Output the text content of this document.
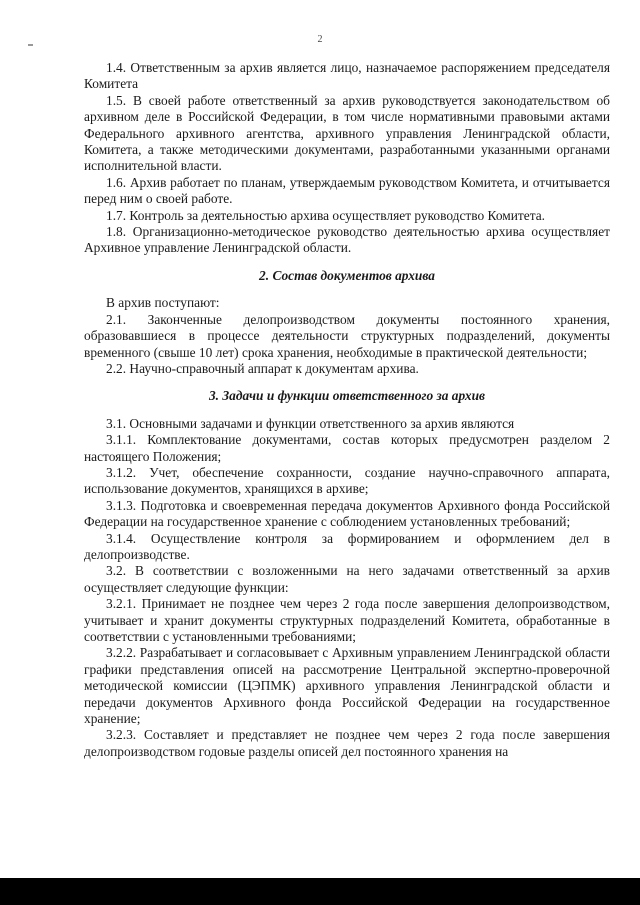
2

1.4. Ответственным за архив является лицо, назначаемое распоряжением председателя Комитета

1.5. В своей работе ответственный за архив руководствуется законодательством об архивном деле в Российской Федерации, в том числе нормативными правовыми актами Федерального архивного агентства, архивного управления Ленинградской области, Комитета, а также методическими документами, разработанными указанными органами исполнительной власти.

1.6. Архив работает по планам, утверждаемым руководством Комитета, и отчитывается перед ним о своей работе.

1.7. Контроль за деятельностью архива осуществляет руководство Комитета.

1.8. Организационно-методическое руководство деятельностью архива осуществляет Архивное управление Ленинградской области.

2. Состав документов архива

В архив поступают:

2.1. Законченные делопроизводством документы постоянного хранения, образовавшиеся в процессе деятельности структурных подразделений, документы временного (свыше 10 лет) срока хранения, необходимые в практической деятельности;

2.2. Научно-справочный аппарат к документам архива.

3. Задачи и функции ответственного за архив

3.1. Основными задачами и функции ответственного за архив являются

3.1.1. Комплектование документами, состав которых предусмотрен разделом 2 настоящего Положения;

3.1.2. Учет, обеспечение сохранности, создание научно-справочного аппарата, использование документов, хранящихся в архиве;

3.1.3. Подготовка и своевременная передача документов Архивного фонда Российской Федерации на государственное хранение с соблюдением установленных требований;

3.1.4. Осуществление контроля за формированием и оформлением дел в делопроизводстве.

3.2. В соответствии с возложенными на него задачами ответственный за архив осуществляет следующие функции:

3.2.1. Принимает не позднее чем через 2 года после завершения делопроизводством, учитывает и хранит документы структурных подразделений Комитета, обработанные в соответствии с установленными требованиями;

3.2.2. Разрабатывает и согласовывает с Архивным управлением Ленинградской области графики представления описей на рассмотрение Центральной экспертно-проверочной методической комиссии (ЦЭПМК) архивного управления Ленинградской области и передачи документов Архивного фонда Российской Федерации на государственное хранение;

3.2.3. Составляет и представляет не позднее чем через 2 года после завершения делопроизводством годовые разделы описей дел постоянного хранения на
